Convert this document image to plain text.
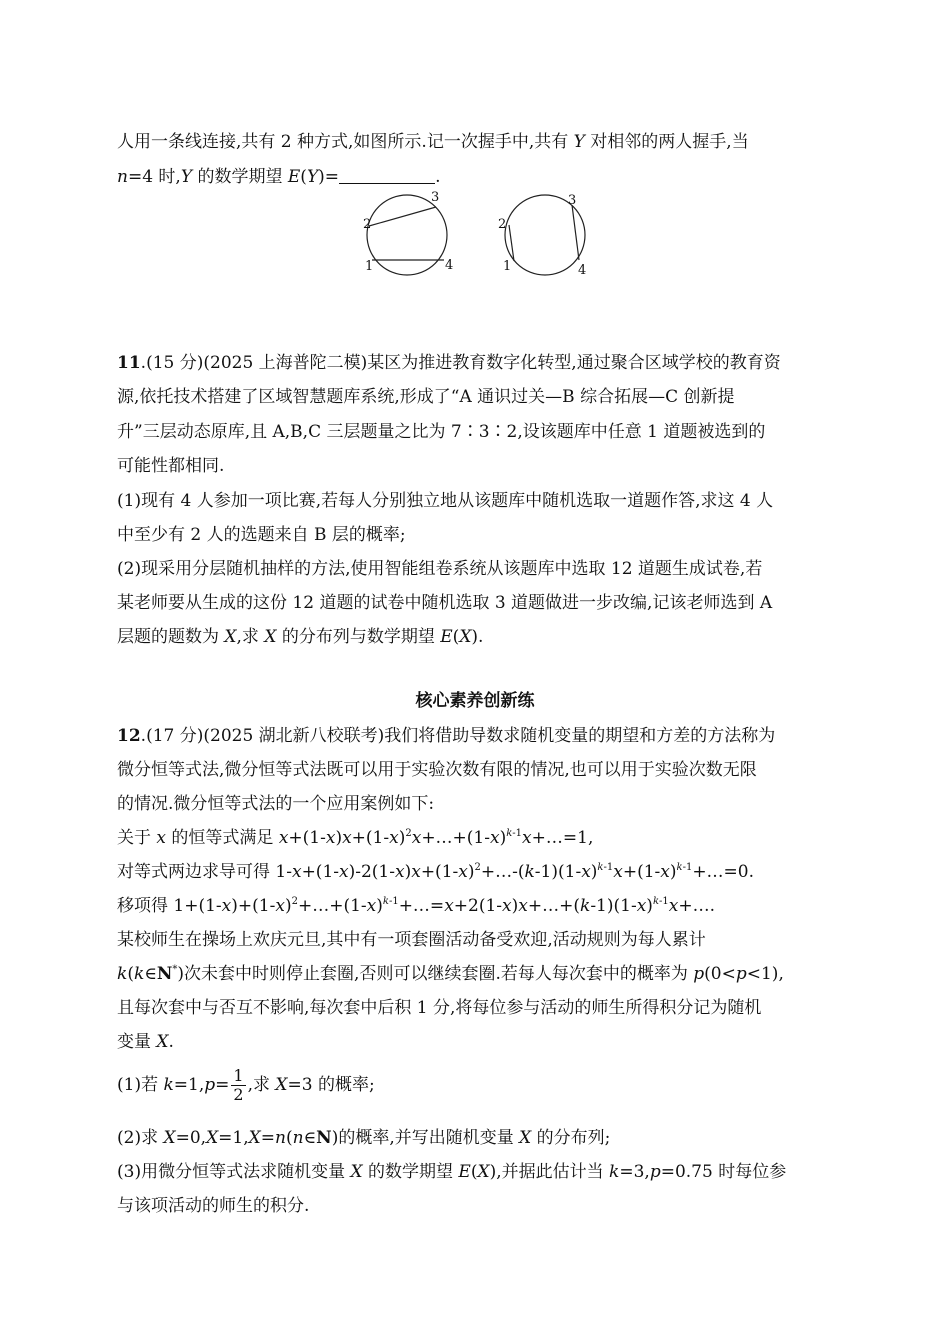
人用一条线连接,共有 2 种方式,如图所示.记一次握手中,共有 Y 对相邻的两人握手,当
n=4 时,Y 的数学期望 E(Y)=	.
2
3
1	4
2
3
1	4
11.(15 分)(2025 上海普陀二模)某区为推进教育数字化转型,通过聚合区域学校的教育资
源,依托技术搭建了区域智慧题库系统,形成了“A 通识过关—B 综合拓展—C 创新提
升”三层动态原库,且 A,B,C 三层题量之比为 7∶3∶2,设该题库中任意 1 道题被选到的
可能性都相同.
(1)现有 4 人参加一项比赛,若每人分别独立地从该题库中随机选取一道题作答,求这 4 人
中至少有 2 人的选题来自 B 层的概率;
(2)现采用分层随机抽样的方法,使用智能组卷系统从该题库中选取 12 道题生成试卷,若
某老师要从生成的这份 12 道题的试卷中随机选取 3 道题做进一步改编,记该老师选到 A
层题的题数为 X,求 X 的分布列与数学期望 E(X).
核心素养创新练
12.(17 分)(2025 湖北新八校联考)我们将借助导数求随机变量的期望和方差的方法称为
微分恒等式法,微分恒等式法既可以用于实验次数有限的情况,也可以用于实验次数无限
的情况.微分恒等式法的一个应用案例如下:
关于 x 的恒等式满足 $x+(1-x)x+(1-x)^2x+\dots+(1-x)^{k-1}x+\dots=1$,
对等式两边求导可得 $1-x+(1-x)-2(1-x)x+(1-x)^2+\dots-(k-1)(1-x)^{k-1}x+(1-x)^{k-1}+\dots=0$.
移项得 $1+(1-x)+(1-x)^2+\dots+(1-x)^{k-1}+\dots=x+2(1-x)x+\dots+(k-1)(1-x)^{k-1}x+\dots$.
某校师生在操场上欢庆元旦,其中有一项套圈活动备受欢迎,活动规则为每人累计
k(k∈N*)次未套中时则停止套圈,否则可以继续套圈.若每人每次套中的概率为 p(0<p<1),
且每次套中与否互不影响,每次套中后积 1 分,将每位参与活动的师生所得积分记为随机
变量 X.
(1)若 $k=1,p= \frac{1}{2}$ ,求 X=3 的概率;
(2)求 X=0,X=1,X=n(n∈N)的概率,并写出随机变量 X 的分布列;
(3)用微分恒等式法求随机变量 X 的数学期望 E(X),并据此估计当 k=3,p=0.75 时每位参
与该项活动的师生的积分.
